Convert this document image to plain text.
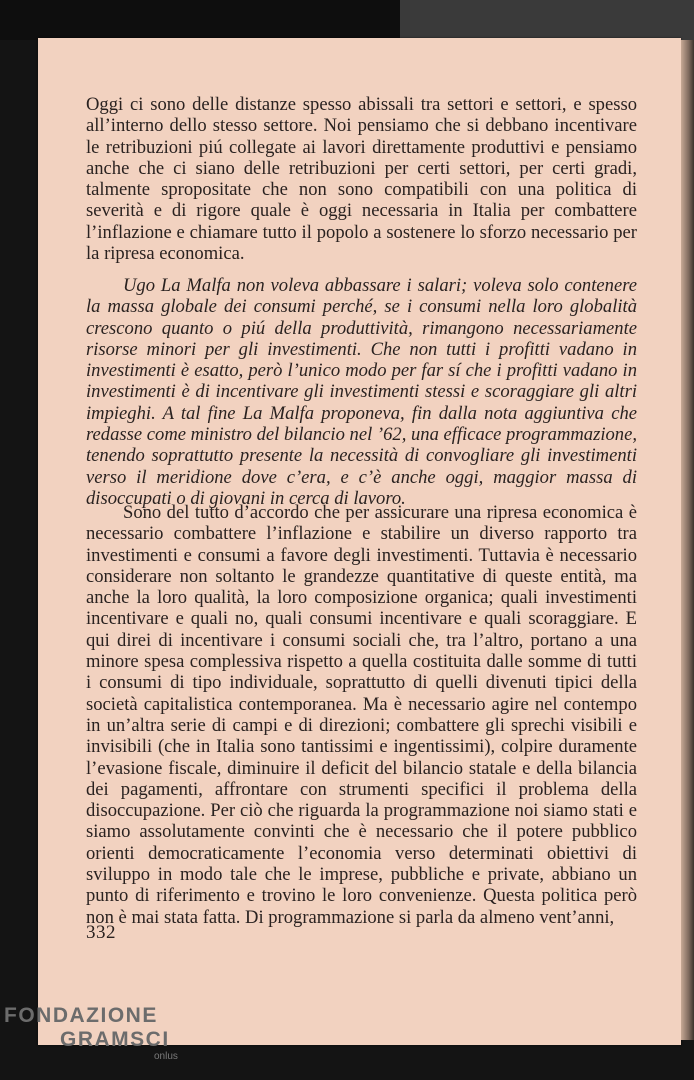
Oggi ci sono delle distanze spesso abissali tra settori e settori, e spesso all’interno dello stesso settore. Noi pensiamo che si debbano incentivare le retribuzioni piú collegate ai lavori direttamente produttivi e pensiamo anche che ci siano delle retribuzioni per certi settori, per certi gradi, talmente spropositate che non sono compatibili con una politica di severità e di rigore quale è oggi necessaria in Italia per combattere l’inflazione e chiamare tutto il popolo a sostenere lo sforzo necessario per la ripresa economica.
Ugo La Malfa non voleva abbassare i salari; voleva solo contenere la massa globale dei consumi perché, se i consumi nella loro globalità crescono quanto o piú della produttività, rimangono necessariamente risorse minori per gli investimenti. Che non tutti i profitti vadano in investimenti è esatto, però l’unico modo per far sí che i profitti vadano in investimenti è di incentivare gli investimenti stessi e scoraggiare gli altri impieghi. A tal fine La Malfa proponeva, fin dalla nota aggiuntiva che redasse come ministro del bilancio nel ’62, una efficace programmazione, tenendo soprattutto presente la necessità di convogliare gli investimenti verso il meridione dove c’era, e c’è anche oggi, maggior massa di disoccupati o di giovani in cerca di lavoro.
Sono del tutto d’accordo che per assicurare una ripresa economica è necessario combattere l’inflazione e stabilire un diverso rapporto tra investimenti e consumi a favore degli investimenti. Tuttavia è necessario considerare non soltanto le grandezze quantitative di queste entità, ma anche la loro qualità, la loro composizione organica; quali investimenti incentivare e quali no, quali consumi incentivare e quali scoraggiare. E qui direi di incentivare i consumi sociali che, tra l’altro, portano a una minore spesa complessiva rispetto a quella costituita dalle somme di tutti i consumi di tipo individuale, soprattutto di quelli divenuti tipici della società capitalistica contemporanea. Ma è necessario agire nel contempo in un’altra serie di campi e di direzioni; combattere gli sprechi visibili e invisibili (che in Italia sono tantissimi e ingentissimi), colpire duramente l’evasione fiscale, diminuire il deficit del bilancio statale e della bilancia dei pagamenti, affrontare con strumenti specifici il problema della disoccupazione. Per ciò che riguarda la programmazione noi siamo stati e siamo assolutamente convinti che è necessario che il potere pubblico orienti democraticamente l’economia verso determinati obiettivi di sviluppo in modo tale che le imprese, pubbliche e private, abbiano un punto di riferimento e trovino le loro convenienze. Questa politica però non è mai stata fatta. Di programmazione si parla da almeno vent’anni,
332
FONDAZIONE
GRAMSCI
onlus
